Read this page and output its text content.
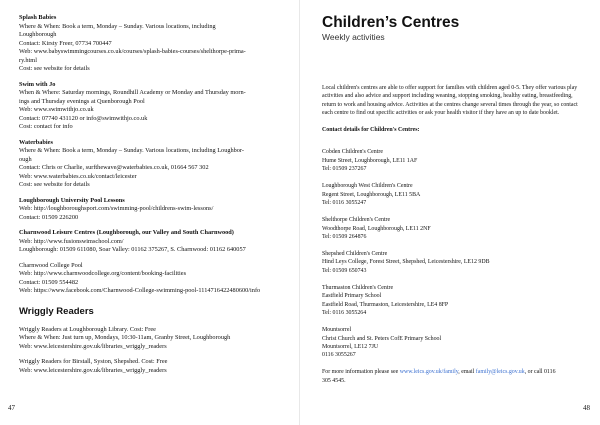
Splash Babies

Where & When: Book a term, Monday – Sunday. Various locations, including

Loughborough

Contact: Kirsty Freer, 07734 700447

Web: www.babyswimmingcourses.co.uk/courses/splash-babies-courses/shelthorpe-prima-

ry.html

Cost: see website for details

Swim with Jo

When & Where: Saturday mornings, Roundhill Academy or Monday and Thursday morn-

ings and Thursday evenings at Quenborough Pool

Web: www.swimwithjo.co.uk

Contact: 07740 431120 or info@swimwithjo.co.uk

Cost: contact for info

Waterbabies

Where & When: Book a term, Monday – Sunday. Various locations, including Loughbor-

ough

Contact: Chris or Charlie, surfthewave@waterbabies.co.uk, 01664 567 302

Web: www.waterbabies.co.uk/contact/leicester

Cost: see website for details

Loughborough University Pool Lessons

Web: http://loughboroughsport.com/swimming-pool/childrens-swim-lessons/

Contact: 01509 226200

Charnwood Leisure Centres (Loughborough, our Valley and South Charnwood)

Web: http://www.fusionswimschool.com/

Loughborough: 01509 611080, Soar Valley: 01162 375267, S. Charnwood: 01162 640057

Charnwood College Pool

Web: http://www.charnwoodcollege.org/content/booking-facilities

Contact: 01509 554482

Web: https://www.facebook.com/Charnwood-College-swimming-pool-1114716422480600/info

Wriggly Readers

Wriggly Readers at Loughborough Library. Cost: Free

Where & When: Just turn up, Mondays, 10:30-11am, Granby Street, Loughborough

Web: www.leicestershire.gov.uk/libraries_wriggly_readers

Wriggly Readers for Birstall, Syston, Shepshed. Cost: Free

Web: www.leicestershire.gov.uk/libraries_wriggly_readers

47
Children’s Centres
Weekly activities
Local children's centres are able to offer support for families with children aged 0-5. They offer various play activities and also advice and support including weaning, stopping smoking, healthy eating, breastfeeding, return to work and housing advice. Activities at the centres change several times through the year, so contact each centre to find out specific activities or ask your health visitor if they have an up to date booklet.
Contact details for Children's Centres:

Cobden Children's Centre

Hume Street, Loughborough, LE11 1AF

Tel: 01509 237267

Loughborough West Children's Centre

Regent Street, Loughborough, LE11 5BA

Tel: 0116 3055247

Shelthorpe Children's Centre

Woodthorpe Road, Loughborough, LE11 2NF

Tel: 01509 264876

Shepshed Children's Centre

Hind Leys College, Forest Street, Shepshed, Leicestershire, LE12 9DB

Tel: 01509 650743

Thurmaston Children's Centre

Eastfield Primary School

Eastfield Road, Thurmaston, Leicestershire, LE4 8FP

Tel: 0116 3055264

Mountsorrel

Christ Church and St. Peters CofE Primary School

Mountsorrel, LE12 7JU

0116 3055267

For more information please see www.leics.gov.uk/family, email family@leics.gov.uk, or call 0116

305 4545.

48
